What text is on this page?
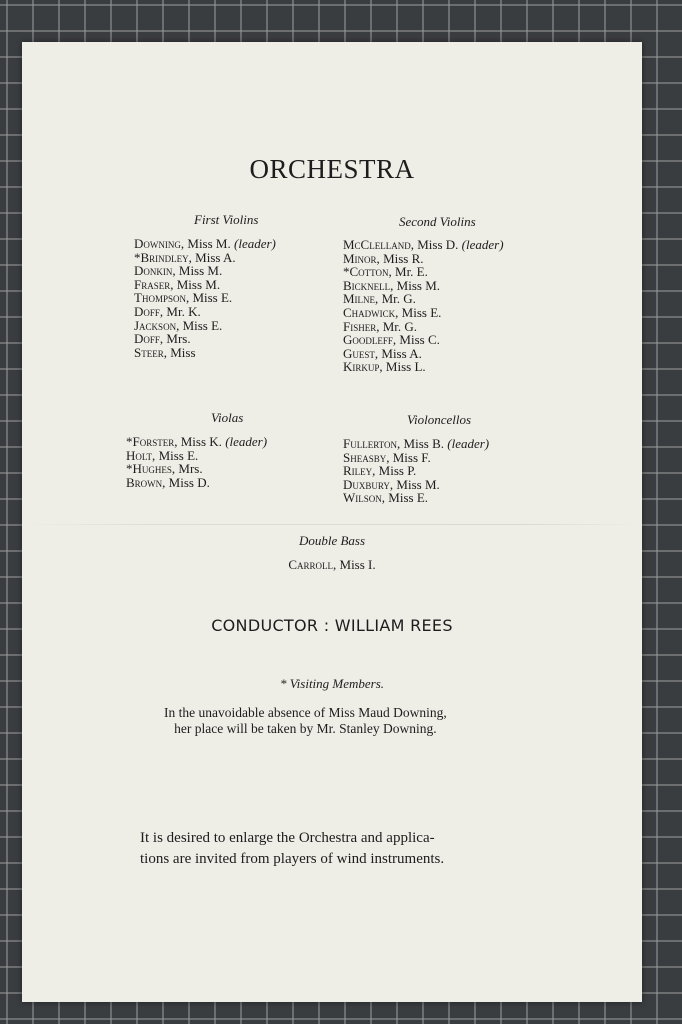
ORCHESTRA
First Violins
Downing, Miss M. (leader)
*Brindley, Miss A.
Donkin, Miss M.
Fraser, Miss M.
Thompson, Miss E.
Doff, Mr. K.
Jackson, Miss E.
Doff, Mrs.
Steer, Miss
Second Violins
McClelland, Miss D. (leader)
Minor, Miss R.
*Cotton, Mr. E.
Bicknell, Miss M.
Milne, Mr. G.
Chadwick, Miss E.
Fisher, Mr. G.
Goodleff, Miss C.
Guest, Miss A.
Kirkup, Miss L.
Violas
*Forster, Miss K. (leader)
Holt, Miss E.
*Hughes, Mrs.
Brown, Miss D.
Violoncellos
Fullerton, Miss B. (leader)
Sheasby, Miss F.
Riley, Miss P.
Duxbury, Miss M.
Wilson, Miss E.
Double Bass
Carroll, Miss I.
CONDUCTOR : WILLIAM REES
* Visiting Members.
In the unavoidable absence of Miss Maud Downing,
her place will be taken by Mr. Stanley Downing.
It is desired to enlarge the Orchestra and applica-
tions are invited from players of wind instruments.
